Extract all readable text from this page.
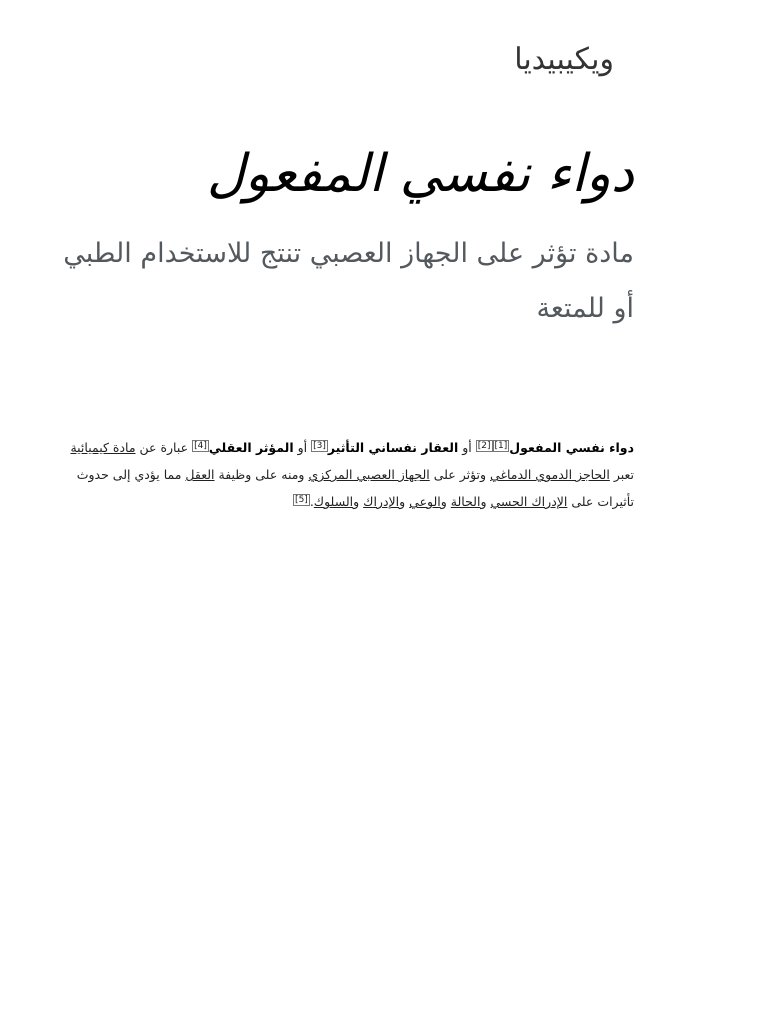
ويكيبيديا
دواء نفسي المفعول

مادة تؤثر على الجهاز العصبي تنتج للاستخدام الطبي أو للمتعة

دواء نفسي المفعول[1][2] أو العقار نفساني التأثير[3] أو المؤثر العقلي[4] عبارة عن مادة كيميائية تعبر الحاجز الدموي الدماغي وتؤثر على الجهاز العصبي المركزي ومنه على وظيفة العقل مما يؤدي إلى حدوث تأثيرات على الإدراك الحسي والحالة والوعي والإدراك والسلوك.[5]
